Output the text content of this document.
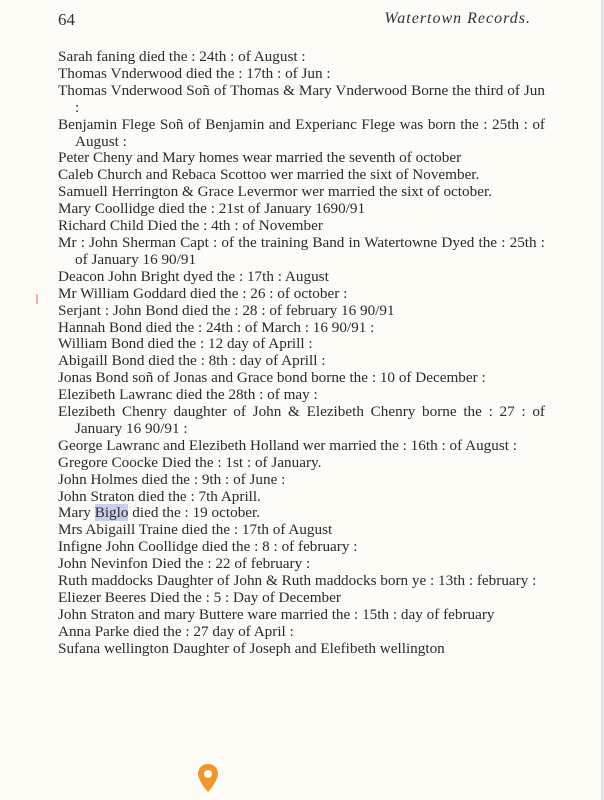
64	Watertown Records.

Sarah faning died the : 24th : of August :

Thomas Vnderwood died the : 17th : of Jun :

Thomas Vnderwood Soñ of Thomas & Mary Vnderwood Borne the third of Jun :

Benjamin Flege Soñ of Benjamin and Experianc Flege was born the : 25th : of August :

Peter Cheny and Mary homes wear married the seventh of october

Caleb Church and Rebaca Scottoo wer married the sixt of November.

Samuell Herrington & Grace Levermor wer married the sixt of october.

Mary Coollidge died the : 21st of January 1690/91

Richard Child Died the : 4th : of November

Mr : John Sherman Capt : of the training Band in Watertowne Dyed the : 25th : of January 16 90/91

Deacon John Bright dyed the : 17th : August

Mr William Goddard died the : 26 : of october :

Serjant : John Bond died the : 28 : of february 16 90/91

Hannah Bond died the : 24th : of March : 16 90/91 :

William Bond died the : 12 day of Aprill :

Abigaill Bond died the : 8th : day of Aprill :

Jonas Bond soñ of Jonas and Grace bond borne the : 10 of December :

Elezibeth Lawranc died the 28th : of may :

Elezibeth Chenry daughter of John & Elezibeth Chenry borne the : 27 : of January 16 90/91 :

George Lawranc and Elezibeth Holland wer married the : 16th : of August :

Gregore Coocke Died the : 1st : of January.

John Holmes died the : 9th : of June :

John Straton died the : 7th Aprill.

Mary Biglo died the : 19 october.

Mrs Abigaill Traine died the : 17th of August

Infigne John Coollidge died the : 8 : of february :

John Nevinfon Died the : 22 of february :

Ruth maddocks Daughter of John & Ruth maddocks born ye : 13th : february :

Eliezer Beeres Died the : 5 : Day of December

John Straton and mary Buttere ware married the : 15th : day of february

Anna Parke died the : 27 day of April :

Sufana wellington Daughter of Joseph and Elefibeth wellington
